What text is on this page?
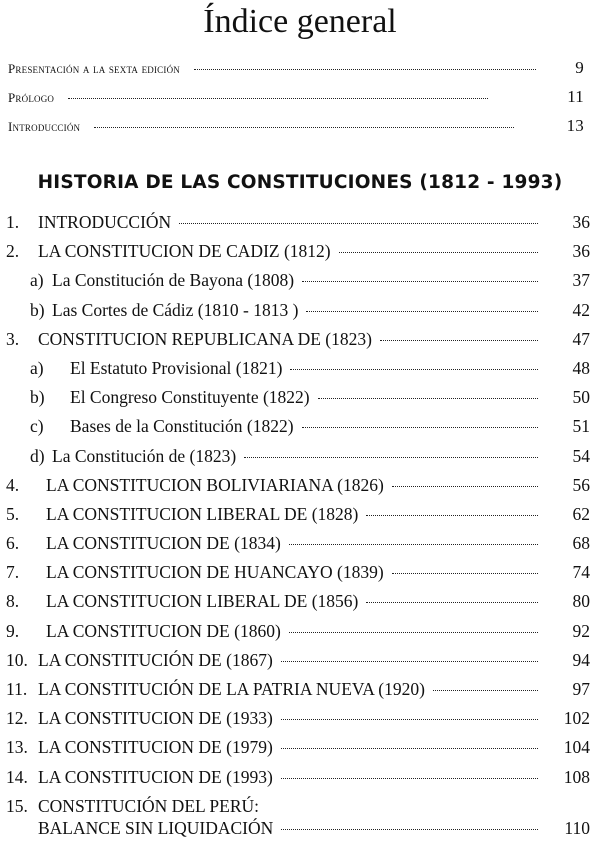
Índice general
Presentación a la sexta edición	9
Prólogo	11
Introducción	13
HISTORIA DE LAS CONSTITUCIONES (1812 - 1993)
1.	INTRODUCCIÓN	36
2.	LA CONSTITUCION DE CADIZ (1812)	36
a) La Constitución de Bayona (1808)	37
b) Las Cortes de Cádiz (1810 - 1813 )	42
3.	CONSTITUCION REPUBLICANA DE (1823)	47
a)	El Estatuto Provisional (1821)	48
b)	El Congreso Constituyente (1822)	50
c)	Bases de la Constitución (1822)	51
d) La Constitución de (1823)	54
4.	LA CONSTITUCION BOLIVIARIANA (1826)	56
5.	LA CONSTITUCION LIBERAL DE (1828)	62
6.	LA CONSTITUCION DE (1834)	68
7.	LA CONSTITUCION DE HUANCAYO (1839)	74
8.	LA CONSTITUCION LIBERAL DE (1856)	80
9.	LA CONSTITUCION DE (1860)	92
10. LA CONSTITUCIÓN DE (1867)	94
11. LA CONSTITUCIÓN DE LA PATRIA NUEVA (1920)	97
12. LA CONSTITUCION DE (1933)	102
13. LA CONSTITUCION DE (1979)	104
14. LA CONSTITUCION DE (1993)	108
15. CONSTITUCIÓN DEL PERÚ:
BALANCE SIN LIQUIDACIÓN	110
